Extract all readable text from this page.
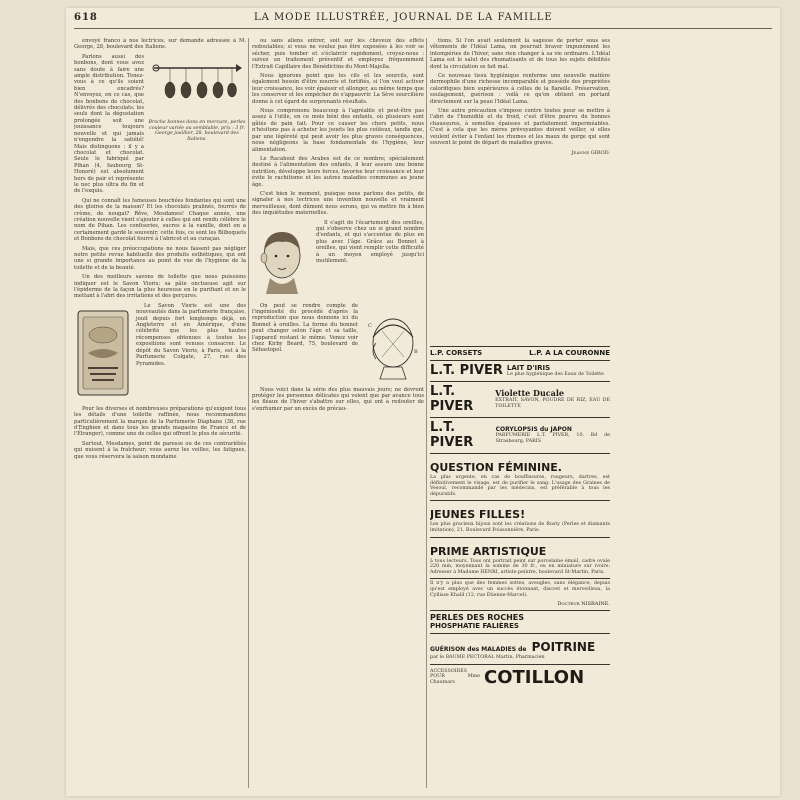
618	LA MODE ILLUSTRÉE, JOURNAL DE LA FAMILLE

envoyé franco à nos lectrices, sur demande adressée à M. George, 28, boulevard des Italiens.

Parlons aussi des bonbons, dont vous avez sans doute à faire une ample distribution. Tenez-vous à ce qu'ils soient bien encadrés? N'envoyez, en ce cas, que des bonbons de chocolat, délivrés des chocolats; les seuls dont la dégustation prolongée soit une jouissance toujours nouvelle et qui jamais n'engendre la satiété! Mais distinguons : il y a chocolat et chocolat. Seule le fabriqué par Pihan (4, faubourg St-Honoré) est absolument hors de pair et représente le nec plus ultra du fin et de l'exquis.

Broche bonnes dons en mercure, perles couleur variée ou semblable, prix : 3 fr. George joaillier, 28, boulevard des Italiens.

Qui ne connaît les fameuses bouchées fondantes qui sont une des gloires de la maison? Et les chocolats pralinés, fourrés de crème, de nougat? Rêve, Mesdames! Chaque année, une création nouvelle vient s'ajouter à celles qui ont rendu célèbre le nom de Pihan. Les confiseries, sucres à la vanille, dont on a certainement gardé le souvenir; cette fois, ce sont les Bilboquets et Bonbons de chocolat fourré à l'abricot et au curaçao.

Mais, que ces préoccupations ne nous fassent pas négliger notre petite revue habituelle des produits esthétiques, qui ont une si grande importance au point de vue de l'hygiène de la toilette et de la beauté.

Un des meilleurs savons de toilette que nous puissions indiquer est le Savon Vioris; sa pâte onctueuse agit sur l'épiderme de la façon la plus heureuse en le purifiant et en le mettant à l'abri des irritations et des gerçures.

Le Savon Vioris est une des nouveautés dans la parfumerie française, jouit depuis fort longtemps déjà, en Angleterre et en Amérique, d'une célébrité que les plus hautes récompenses obtenues à toutes les expositions sont venues consacrer. Le dépôt du Savon Vioris, à Paris, est à la Parfumerie Colgate, 27, rue des Pyramides.

Pour les diverses et nombreuses préparations qu'exigent tous les détails d'une toilette raffinée, nous recommandons particulièrement la marque de la Parfumerie Diaphane (38, rue d'Enghien et dans tous les grands magasins de France et de l'Étranger), comme une de celles qui offrent le plus de sécurité.

Surtout, Mesdames, point de paresse ou de ces contrariétés qui nuisent à la fraîcheur; vous aurez les veilles, les fatigues, que vous réservera la saison mondaine

ou sans aliens entrer, soit sur les cheveux des effets redoutables; si vous ne voulez pas être exposées à les voir se sécher, puis tomber et s'éclaircir rapidement, croyez-nous : suivez un traitement préventif et employez fréquemment l'Extrait Capillaire des Bénédictins du Mont-Majella.

Nous ignorons point que les cils et les sourcils, sont également besoin d'être nourris et fortifiés, si l'on veut activer leur croissance, les voir épaissir et allonger, au même temps que les conserver et les empêcher de s'appauvrir. La Sève sourcilière donne à cet égard de surprenants résultats.

Nous comprenons beaucoup à l'agréable et peut-être pas assez à l'utile, en ce mois béni des enfants, où plusieurs sont gâtés de pain fait. Pour ce causer les chers petits, nous n'hésitons pas à acheter les jouets les plus coûteux, tandis que, par une légèreté qui peut avoir les plus graves conséquences, nous négligeons la base fondamentale de l'hygiène, leur alimentation.

Le Racahout des Arabes est de ce nombre; spécialement destiné à l'alimentation des enfants, il leur assure une bonne nutrition, développe leurs forces, favorise leur croissance et leur évite le rachitisme et les autres maladies communes au jeune âge.

C'est bien le moment, puisque nous parlons des petits, de signaler à nos lectrices une invention nouvelle et vraiment merveilleuse, dont dûment nous serons, qui va mettre fin à bien des inquiétudes maternelles.

Il s'agit de l'écartement des oreilles, qui s'observe chez un si grand nombre d'enfants, et qui s'accentue de plus en plus avec l'âge. Grâce au Bonnet à oreilles, qui vient remplir cette difficulté à un moyen employé jusqu'ici inutilement.

On peut se rendre compte de l'ingéniosité du procédé d'après la reproduction que nous donnons ici du Bonnet à oreilles. La forme du bonnet peut changer selon l'âge et sa taille, l'appareil restant le même. Venez voir chez Kirby Beard, 75, boulevard de Sébastopol.

C
B

Nous voici dans la série des plus mauvais jours; ne devront protéger les personnes délicates qui voient que par avance tous les fléaux de l'hiver s'abattre sur elles, qui ont à redouter de s'enrhumer par un excès de précau-

tions. Si l'on avait seulement la sagesse de porter sous ses vêtements de l'Idéal Lama, on pourrait braver impunément les intempéries de l'hiver, sans rien changer à sa vie ordinaire. L'Idéal Lama est le salut des rhumatisants et de tous les sujets débilités dont la circulation se fait mal.

Ce nouveau tissu hygiénique renferme une nouvelle matière dermophile d'une richesse incomparable et possède des propriétés calorifiques bien supérieures à celles de la flanelle. Préservation, soulagement, guérison : voilà ce qu'on obtient en portant directement sur la peau l'Idéal Lama.

Une autre précaution s'impose contre toutes pour se mettre à l'abri de l'humidité et du froid, c'est d'être pourvu de bonnes chaussures, à semelles épaisses et parfaitement imperméables. C'est à cela que les mères prévoyantes doivent veiller, si elles veulent éviter à l'enfant les rhumes et les maux de gorge qui sont souvent le point de départ de maladies graves.

Jeanne GIROD.
L.P. CORSETS	L.P. A LA COURONNE
L.T. PIVER LAIT D'IRIS
Le plus hygiénique des Eaux de Toilette
L.T. PIVER
Violette Ducale
EXTRAIT, SAVON, POUDRE DE RIZ, EAU DE TOILETTE
L.T. PIVER
CORYLOPSIS du JAPON
PARFUMERIE L.T. PIVER, 10, Bd de Strasbourg, PARIS
QUESTION FÉMININE.
La plus urgente, en cas de bouffissures, rougeurs, dartres, est définitivement le visage, est de purifier le sang. L'usage des Graines de Vesoul, recommandé par les médecins, est préférable à tous les dépuratifs.
JEUNES FILLES!
Les plus gracieux bijoux sont les créations de Rusty (Perles et diamants imitation), 21, Boulevard Poissonnière, Paris.
PRIME ARTISTIQUE
à tous lecteurs. Tous ont portrait peint sur porcelaine émail, cadre ovale 220 mm, moyennant la somme de 30 fr., ou en miniature sur ivoire. Adresser à Madame HENRI, artiste peintre, boulevard St-Martin, Paris.
Il n'y a plus que des femmes sottes, aveugles, sans élégance, depuis qu'est employé avec un succès étonnant, discret et merveilleux, la Cyllisse Khalil (12, rue Étienne-Marcel).
Docteur NISRAINE.
PERLES DES ROCHES
PHOSPHATIE FALIÈRES
GUÉRISON des MALADIES de POITRINE
par le BAUME PECTORAL Martin, Pharmacien
ACCESSOIRES POUR Mme Chaumars	COTILLON
